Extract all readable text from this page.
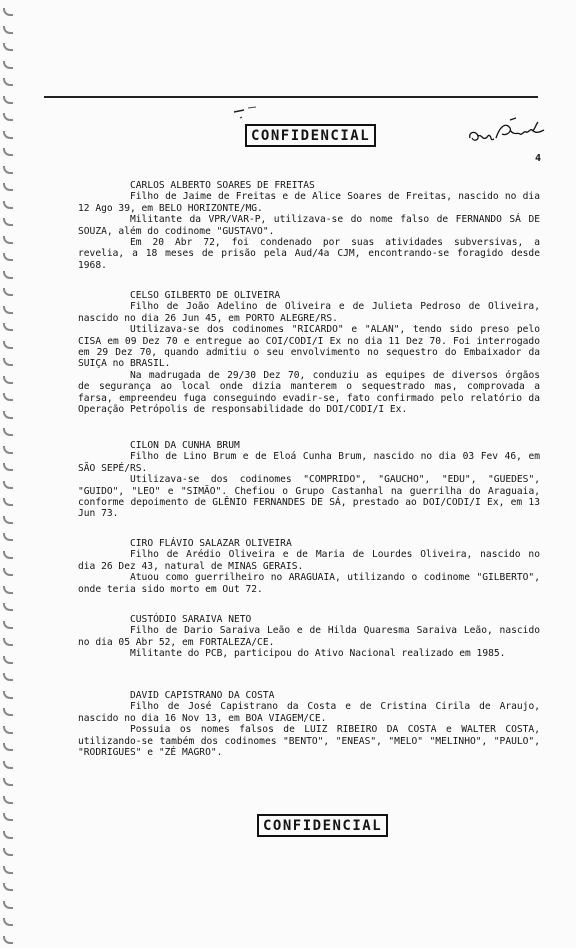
CONFIDENCIAL
4
CARLOS ALBERTO SOARES DE FREITAS
Filho de Jaime de Freitas e de Alice Soares de Freitas, nascido no dia 12 Ago 39, em BELO HORIZONTE/MG.
Militante da VPR/VAR-P, utilizava-se do nome falso de FERNANDO SÁ DE SOUZA, além do codinome "GUSTAVO".
Em 20 Abr 72, foi condenado por suas atividades subversivas, a revelia, a 18 meses de prisão pela Aud/4a CJM, encontrando-se foragido desde 1968.
CELSO GILBERTO DE OLIVEIRA
Filho de João Adelino de Oliveira e de Julieta Pedroso de Oliveira, nascido no dia 26 Jun 45, em PORTO ALEGRE/RS.
Utilizava-se dos codinomes "RICARDO" e "ALAN", tendo sido preso pelo CISA em 09 Dez 70 e entregue ao COI/CODI/I Ex no dia 11 Dez 70. Foi interrogado em 29 Dez 70, quando admitiu o seu envolvimento no sequestro do Embaixador da SUIÇA no BRASIL.
Na madrugada de 29/30 Dez 70, conduziu as equipes de diversos órgãos de segurança ao local onde dizia manterem o sequestrado mas, comprovada a farsa, empreendeu fuga conseguindo evadir-se, fato confirmado pelo relatório da Operação Petrópolis de responsabilidade do DOI/CODI/I Ex.
CILON DA CUNHA BRUM
Filho de Lino Brum e de Eloá Cunha Brum, nascido no dia 03 Fev 46, em SÃO SEPÉ/RS.
Utilizava-se dos codinomes "COMPRIDO", "GAUCHO", "EDU", "GUEDES", "GUIDO", "LEO" e "SIMÃO". Chefiou o Grupo Castanhal na guerrilha do Araguaia, conforme depoimento de GLÊNIO FERNANDES DE SÁ, prestado ao DOI/CODI/I Ex, em 13 Jun 73.
CIRO FLÁVIO SALAZAR OLIVEIRA
Filho de Arédio Oliveira e de Maria de Lourdes Oliveira, nascido no dia 26 Dez 43, natural de MINAS GERAIS.
Atuou como guerrilheiro no ARAGUAIA, utilizando o codinome "GILBERTO", onde teria sido morto em Out 72.
CUSTÓDIO SARAIVA NETO
Filho de Dario Saraiva Leão e de Hilda Quaresma Saraiva Leão, nascido no dia 05 Abr 52, em FORTALEZA/CE.
Militante do PCB, participou do Ativo Nacional realizado em 1985.
DAVID CAPISTRANO DA COSTA
Filho de José Capistrano da Costa e de Cristina Cirila de Araujo, nascido no dia 16 Nov 13, em BOA VIAGEM/CE.
Possuia os nomes falsos de LUIZ RIBEIRO DA COSTA e WALTER COSTA, utilizando-se também dos codinomes "BENTO", "ENEAS", "MELO" "MELINHO", "PAULO", "RODRIGUES" e "ZÉ MAGRO".
CONFIDENCIAL
